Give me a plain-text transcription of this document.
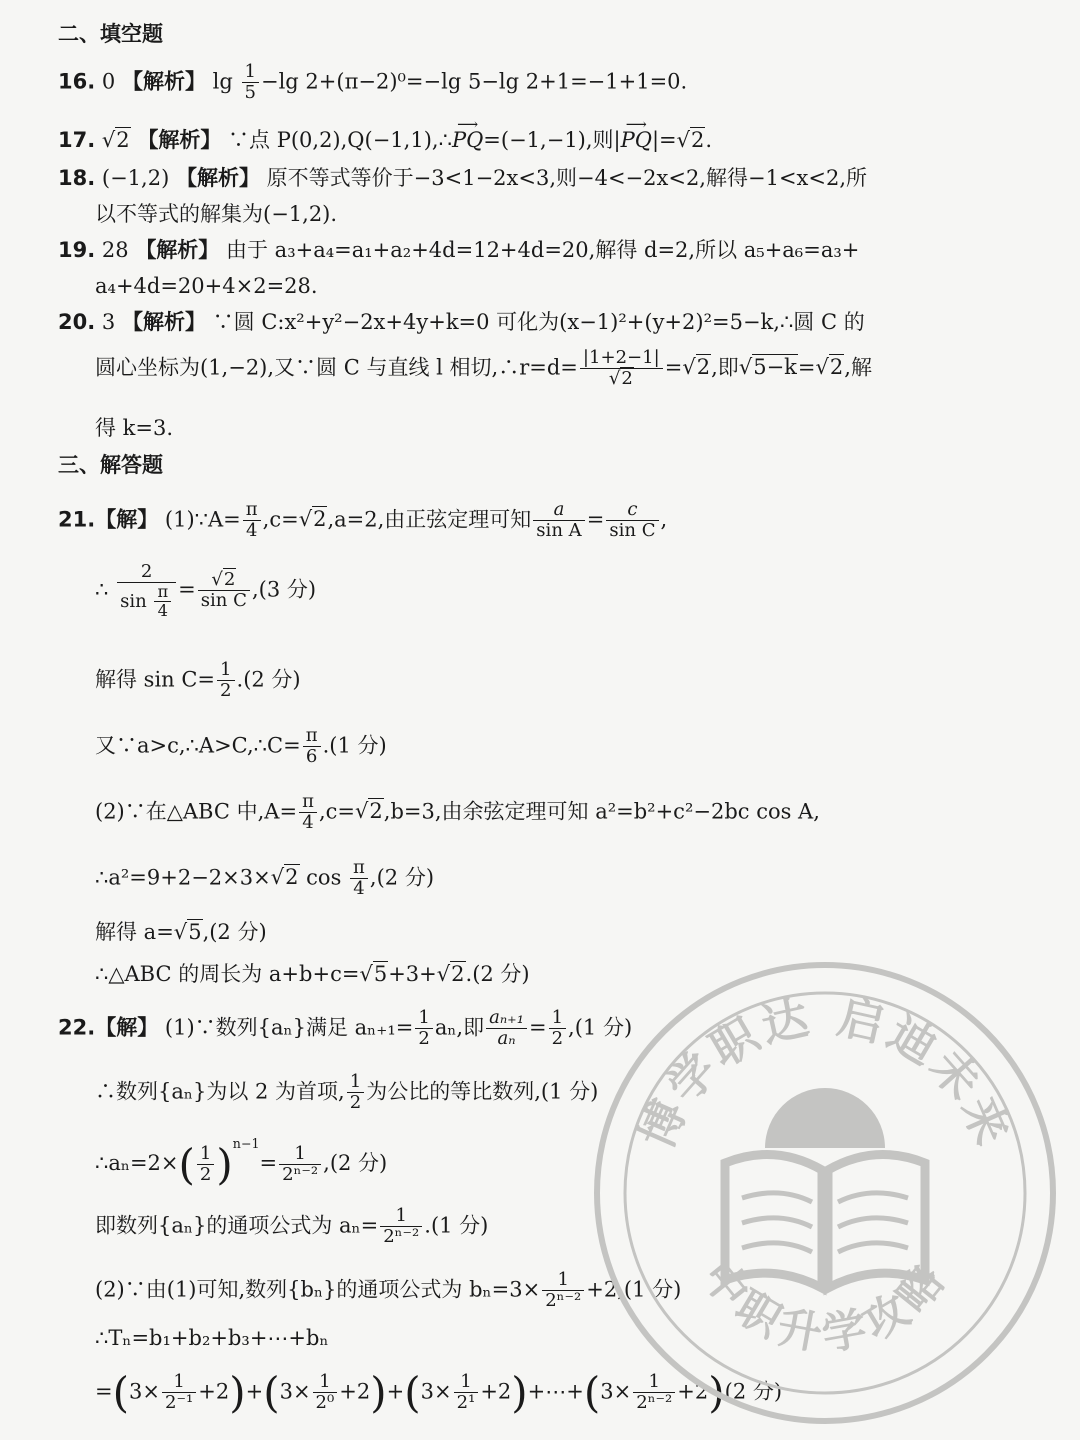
二、填空题
16. 0 【解析】 $\lg \frac{1}{5} -\lg$ 2+(π−2)⁰=−lg 5−lg 2+1=−1+1=0.
17. √2 【解析】 ∵点 P(0,2),Q(−1,1),∴
⟶
PQ=(−1,−1),则|
⟶
PQ|=√2.
18. (−1,2) 【解析】 原不等式等价于−3<1−2x<3,则−4<−2x<2,解得−1<x<2,所
以不等式的解集为(−1,2).
19. 28 【解析】 由于 a₃+a₄=a₁+a₂+4d=12+4d=20,解得 d=2,所以 a₅+a₆=a₃+
a₄+4d=20+4×2=28.
20. 3 【解析】 ∵圆 C:x²+y²−2x+4y+k=0 可化为(x−1)²+(y+2)²=5−k,∴圆 C 的
圆心坐标为(1,−2),又∵圆 C 与直线 l 相切,∴r=d= $\frac{|1+2-1|}{√2} =√2$,即√5−k=√2,解
得 k=3.
三、解答题
21.【解】 (1)∵A= $\frac{\pi}{4} ,c=√2,a=2$,由正弦定理可知 $\frac{a}{\text{sin A}} = \frac{c}{\text{sin C}}$ ,
∴ $\frac{2}{\sin \frac{\pi}{4}} = \frac{√2}{\text{sin C}} ,(3$ 分)
解得 $\sin C= \frac{1}{2} .(2$ 分)
又∵a>c,∴A>C,∴C= $\frac{\pi}{6} .(1$ 分)
(2)∵在△ABC 中$,A= \frac{\pi}{4} ,c=√2,b=3$,由余弦定理可知 a²=b²+c²−2bc cos A,
∴a²=9+2−2×3×√2 $\cos \frac{\pi}{4} ,(2$ 分)
解得 a=√5,(2 分)
∴△ABC 的周长为 a+b+c=√5+3+√2.(2 分)
22.【解】 (1)∵数列{aₙ}满足 $a_{n+1}= \frac{1}{2} a_n$,即 $\frac{\text{aₙ₊₁}}{\text{aₙ}} = \frac{1}{2} ,(1$ 分)
∴数列{aₙ}为以 2 为首项, $\frac{1}{2}$ 为公比的等比数列,(1 分)
∴aₙ=2×( $\frac{1}{2} )^{n-1}= \frac{1}{\text{2ⁿ⁻²}} ,(2$ 分)
即数列{aₙ}的通项公式为 $a_n= \frac{1}{\text{2ⁿ⁻²}} .(1$ 分)
(2)∵由(1)可知,数列{bₙ}的通项公式为 $b_n=3\times \frac{1}{\text{2ⁿ⁻²}} +2,(1$ 分)
∴Tₙ=b₁+b₂+b₃+⋯+bₙ
$=(3\times \frac{1}{\text{2⁻¹}} +2)+(3\times \frac{1}{\text{2⁰}} +2)+(3\times \frac{1}{\text{2¹}}$ +2)+⋯+(3× $\frac{1}{\text{2ⁿ⁻²}} +2)(2$ 分)
博学职达 启迪未来
中职升学攻略
